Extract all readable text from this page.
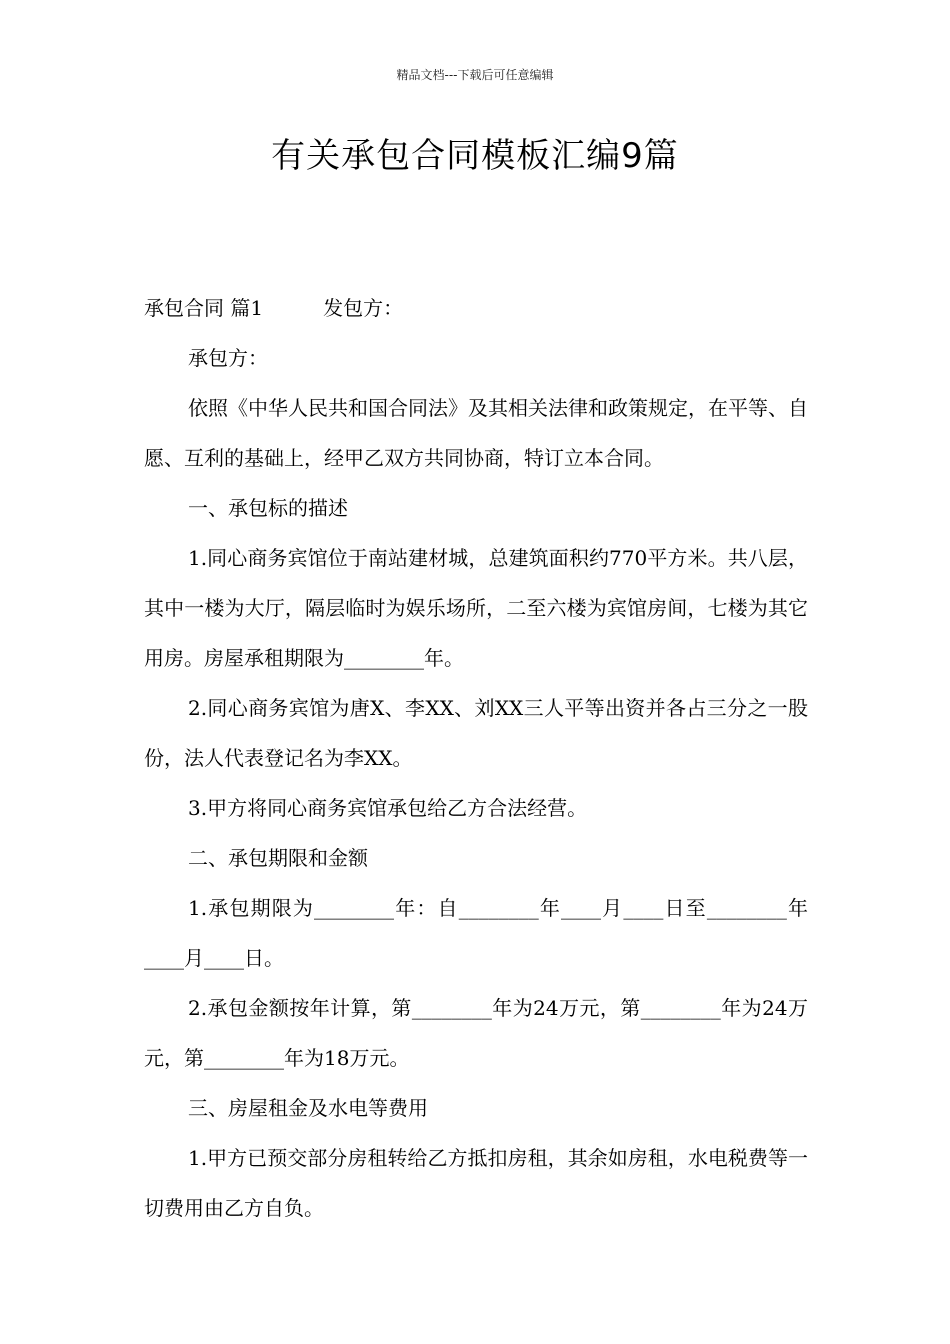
精品文档---下载后可任意编辑
有关承包合同模板汇编9篇

承包合同 篇1	发包方：

承包方：

依照《中华人民共和国合同法》及其相关法律和政策规定，在平等、自愿、互利的基础上，经甲乙双方共同协商，特订立本合同。

一、承包标的描述

1.同心商务宾馆位于南站建材城，总建筑面积约770平方米。共八层，其中一楼为大厅，隔层临时为娱乐场所，二至六楼为宾馆房间，七楼为其它用房。房屋承租期限为________年。

2.同心商务宾馆为唐X、李XX、刘XX三人平等出资并各占三分之一股份，法人代表登记名为李XX。

3.甲方将同心商务宾馆承包给乙方合法经营。

二、承包期限和金额

1.承包期限为________年：自________年____月____日至________年____月____日。

2.承包金额按年计算，第________年为24万元，第________年为24万元，第________年为18万元。

三、房屋租金及水电等费用

1.甲方已预交部分房租转给乙方抵扣房租，其余如房租，水电税费等一切费用由乙方自负。
